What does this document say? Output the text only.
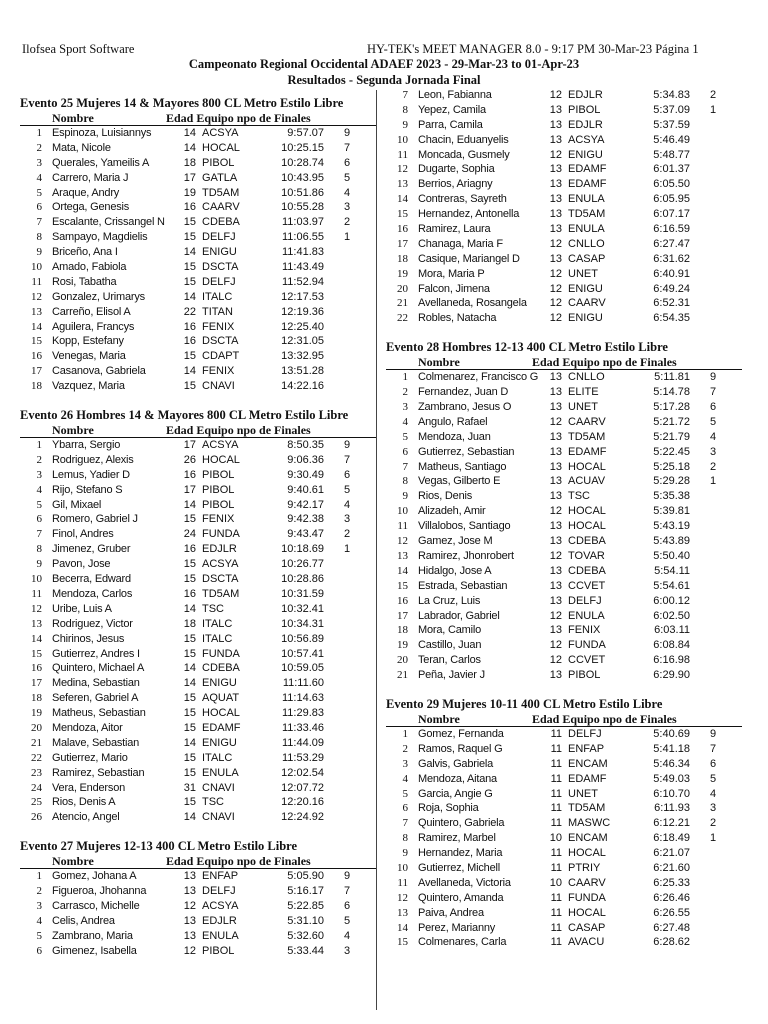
Ilofsea Sport Software	HY-TEK's MEET MANAGER 8.0 - 9:17 PM 30-Mar-23 Página 1
Campeonato Regional Occidental ADAEF 2023 - 29-Mar-23 to 01-Apr-23
Resultados - Segunda Jornada Final
Evento 25 Mujeres 14 & Mayores 800 CL Metro Estilo Libre
Nombre	Edad Equipo npo de Finales
1 Espinoza, Luisiannys	14 ACSYA	9:57.07 9
2 Mata, Nicole	14 HOCAL	10:25.15 7
3 Querales, Yameilis A	18 PIBOL	10:28.74 6
4 Carrero, Maria J	17 GATLA	10:43.95 5
5 Araque, Andry	19 TD5AM	10:51.86 4
6 Ortega, Genesis	16 CAARV	10:55.28 3
7 Escalante, Crissangel N	15 CDEBA	11:03.97 2
8 Sampayo, Magdielis	15 DELFJ	11:06.55 1
9 Briceño, Ana I	14 ENIGU	11:41.83
10 Amado, Fabiola	15 DSCTA	11:43.49
11 Rosi, Tabatha	15 DELFJ	11:52.94
12 Gonzalez, Urimarys	14 ITALC	12:17.53
13 Carreño, Elisol A	22 TITAN	12:19.36
14 Aguilera, Francys	16 FENIX	12:25.40
15 Kopp, Estefany	16 DSCTA	12:31.05
16 Venegas, Maria	15 CDAPT	13:32.95
17 Casanova, Gabriela	14 FENIX	13:51.28
18 Vazquez, Maria	15 CNAVI	14:22.16
Evento 26 Hombres 14 & Mayores 800 CL Metro Estilo Libre
Nombre	Edad Equipo npo de Finales
1 Ybarra, Sergio	17 ACSYA	8:50.35 9
2 Rodriguez, Alexis	26 HOCAL	9:06.36 7
3 Lemus, Yadier D	16 PIBOL	9:30.49 6
4 Rijo, Stefano S	17 PIBOL	9:40.61 5
5 Gil, Mixael	14 PIBOL	9:42.17 4
6 Romero, Gabriel J	15 FENIX	9:42.38 3
7 Finol, Andres	24 FUNDA	9:43.47 2
8 Jimenez, Gruber	16 EDJLR	10:18.69 1
9 Pavon, Jose	15 ACSYA	10:26.77
10 Becerra, Edward	15 DSCTA	10:28.86
11 Mendoza, Carlos	16 TD5AM	10:31.59
12 Uribe, Luis A	14 TSC	10:32.41
13 Rodriguez, Victor	18 ITALC	10:34.31
14 Chirinos, Jesus	15 ITALC	10:56.89
15 Gutierrez, Andres I	15 FUNDA	10:57.41
16 Quintero, Michael A	14 CDEBA	10:59.05
17 Medina, Sebastian	14 ENIGU	11:11.60
18 Seferen, Gabriel A	15 AQUAT	11:14.63
19 Matheus, Sebastian	15 HOCAL	11:29.83
20 Mendoza, Aitor	15 EDAMF	11:33.46
21 Malave, Sebastian	14 ENIGU	11:44.09
22 Gutierrez, Mario	15 ITALC	11:53.29
23 Ramirez, Sebastian	15 ENULA	12:02.54
24 Vera, Enderson	31 CNAVI	12:07.72
25 Rios, Denis A	15 TSC	12:20.16
26 Atencio, Angel	14 CNAVI	12:24.92
Evento 27 Mujeres 12-13 400 CL Metro Estilo Libre
Nombre	Edad Equipo npo de Finales
1 Gomez, Johana A	13 ENFAP	5:05.90 9
2 Figueroa, Jhohanna	13 DELFJ	5:16.17 7
3 Carrasco, Michelle	12 ACSYA	5:22.85 6
4 Celis, Andrea	13 EDJLR	5:31.10 5
5 Zambrano, Maria	13 ENULA	5:32.60 4
6 Gimenez, Isabella	12 PIBOL	5:33.44 3
7 Leon, Fabianna	12 EDJLR	5:34.83 2
8 Yepez, Camila	13 PIBOL	5:37.09 1
9 Parra, Camila	13 EDJLR	5:37.59
10 Chacin, Eduanyelis	13 ACSYA	5:46.49
11 Moncada, Gusmely	12 ENIGU	5:48.77
12 Dugarte, Sophia	13 EDAMF	6:01.37
13 Berrios, Ariagny	13 EDAMF	6:05.50
14 Contreras, Sayreth	13 ENULA	6:05.95
15 Hernandez, Antonella	13 TD5AM	6:07.17
16 Ramirez, Laura	13 ENULA	6:16.59
17 Chanaga, Maria F	12 CNLLO	6:27.47
18 Casique, Mariangel D	13 CASAP	6:31.62
19 Mora, Maria P	12 UNET	6:40.91
20 Falcon, Jimena	12 ENIGU	6:49.24
21 Avellaneda, Rosangela	12 CAARV	6:52.31
22 Robles, Natacha	12 ENIGU	6:54.35
Evento 28 Hombres 12-13 400 CL Metro Estilo Libre
Nombre	Edad Equipo npo de Finales
1 Colmenarez, Francisco G	13 CNLLO	5:11.81 9
2 Fernandez, Juan D	13 ELITE	5:14.78 7
3 Zambrano, Jesus O	13 UNET	5:17.28 6
4 Angulo, Rafael	12 CAARV	5:21.72 5
5 Mendoza, Juan	13 TD5AM	5:21.79 4
6 Gutierrez, Sebastian	13 EDAMF	5:22.45 3
7 Matheus, Santiago	13 HOCAL	5:25.18 2
8 Vegas, Gilberto E	13 ACUAV	5:29.28 1
9 Rios, Denis	13 TSC	5:35.38
10 Alizadeh, Amir	12 HOCAL	5:39.81
11 Villalobos, Santiago	13 HOCAL	5:43.19
12 Gamez, Jose M	13 CDEBA	5:43.89
13 Ramirez, Jhonrobert	12 TOVAR	5:50.40
14 Hidalgo, Jose A	13 CDEBA	5:54.11
15 Estrada, Sebastian	13 CCVET	5:54.61
16 La Cruz, Luis	13 DELFJ	6:00.12
17 Labrador, Gabriel	12 ENULA	6:02.50
18 Mora, Camilo	13 FENIX	6:03.11
19 Castillo, Juan	12 FUNDA	6:08.84
20 Teran, Carlos	12 CCVET	6:16.98
21 Peña, Javier J	13 PIBOL	6:29.90
Evento 29 Mujeres 10-11 400 CL Metro Estilo Libre
Nombre	Edad Equipo npo de Finales
1 Gomez, Fernanda	11 DELFJ	5:40.69 9
2 Ramos, Raquel G	11 ENFAP	5:41.18 7
3 Galvis, Gabriela	11 ENCAM	5:46.34 6
4 Mendoza, Aitana	11 EDAMF	5:49.03 5
5 Garcia, Angie G	11 UNET	6:10.70 4
6 Roja, Sophia	11 TD5AM	6:11.93 3
7 Quintero, Gabriela	11 MASWC	6:12.21 2
8 Ramirez, Marbel	10 ENCAM	6:18.49 1
9 Hernandez, Maria	11 HOCAL	6:21.07
10 Gutierrez, Michell	11 PTRIY	6:21.60
11 Avellaneda, Victoria	10 CAARV	6:25.33
12 Quintero, Amanda	11 FUNDA	6:26.46
13 Paiva, Andrea	11 HOCAL	6:26.55
14 Perez, Marianny	11 CASAP	6:27.48
15 Colmenares, Carla	11 AVACU	6:28.62
